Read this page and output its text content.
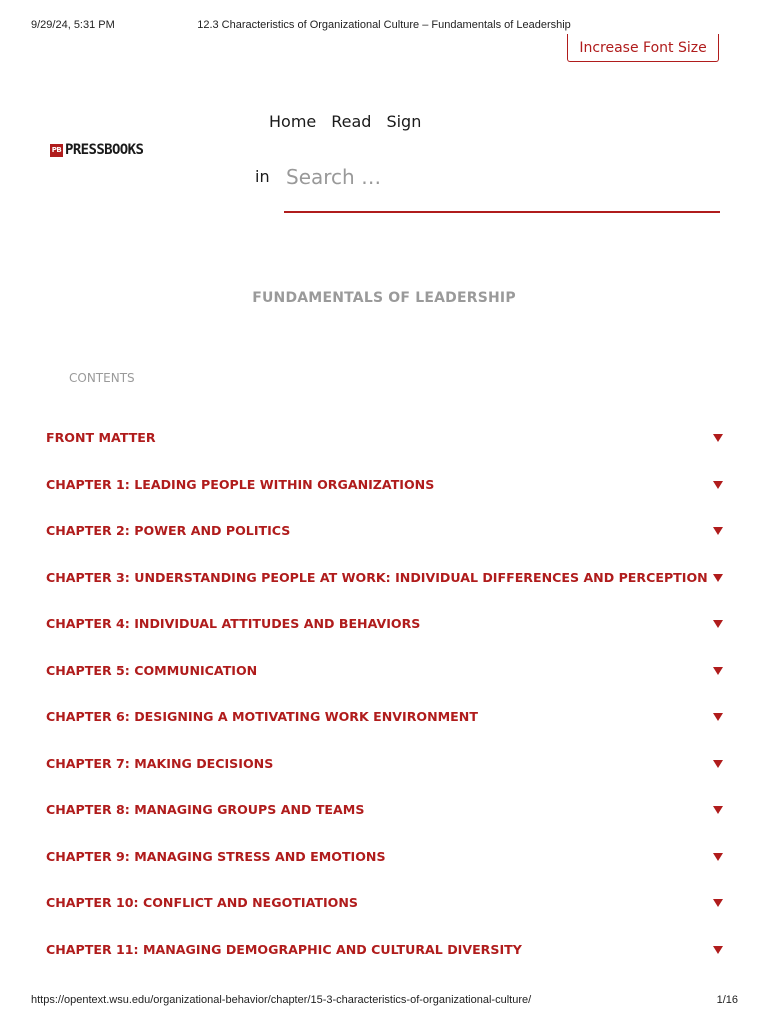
9/29/24, 5:31 PM	12.3 Characteristics of Organizational Culture – Fundamentals of Leadership
Increase Font Size
PB PRESSBOOKS
Home Read Sign
in
Search …
FUNDAMENTALS OF LEADERSHIP
CONTENTS
FRONT MATTER
CHAPTER 1: LEADING PEOPLE WITHIN ORGANIZATIONS
CHAPTER 2: POWER AND POLITICS
CHAPTER 3: UNDERSTANDING PEOPLE AT WORK: INDIVIDUAL DIFFERENCES AND PERCEPTION
CHAPTER 4: INDIVIDUAL ATTITUDES AND BEHAVIORS
CHAPTER 5: COMMUNICATION
CHAPTER 6: DESIGNING A MOTIVATING WORK ENVIRONMENT
CHAPTER 7: MAKING DECISIONS
CHAPTER 8: MANAGING GROUPS AND TEAMS
CHAPTER 9: MANAGING STRESS AND EMOTIONS
CHAPTER 10: CONFLICT AND NEGOTIATIONS
CHAPTER 11: MANAGING DEMOGRAPHIC AND CULTURAL DIVERSITY
https://opentext.wsu.edu/organizational-behavior/chapter/15-3-characteristics-of-organizational-culture/	1/16
